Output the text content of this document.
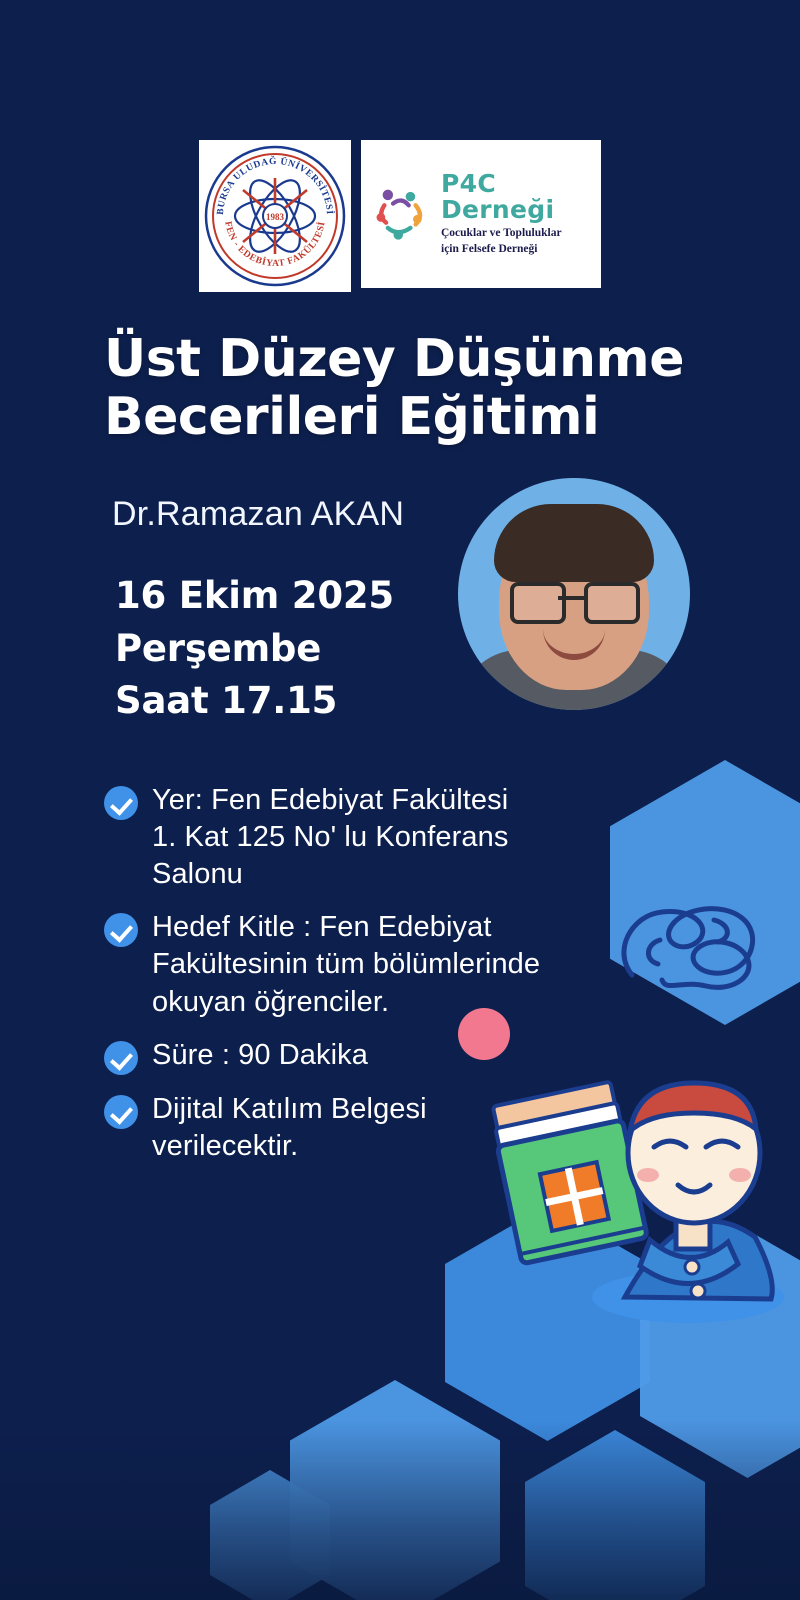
1983
BURSA ULUDAĞ ÜNİVERSİTESİ
FEN - EDEBİYAT FAKÜLTESİ
P4C Derneği
Çocuklar ve Topluluklar
için Felsefe Derneği
Üst Düzey Düşünme
Becerileri Eğitimi
Dr.Ramazan AKAN
16 Ekim 2025
Perşembe
Saat 17.15
Yer: Fen Edebiyat Fakültesi
1. Kat 125 No' lu Konferans
Salonu
Hedef Kitle : Fen Edebiyat
Fakültesinin tüm bölümlerinde
okuyan öğrenciler.
Süre : 90 Dakika
Dijital Katılım Belgesi
verilecektir.
